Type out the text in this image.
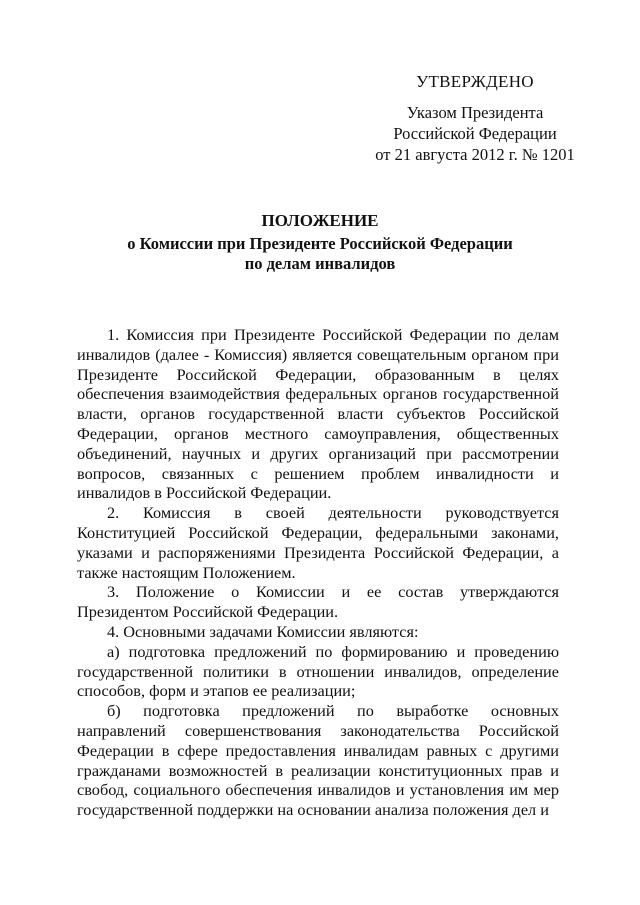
УТВЕРЖДЕНО
Указом Президента
Российской Федерации
от 21 августа 2012 г. № 1201
ПОЛОЖЕНИЕ
о Комиссии при Президенте Российской Федерации
по делам инвалидов

1. Комиссия при Президенте Российской Федерации по делам инвалидов (далее - Комиссия) является совещательным органом при Президенте Российской Федерации, образованным в целях обеспечения взаимодействия федеральных органов государственной власти, органов государственной власти субъектов Российской Федерации, органов местного самоуправления, общественных объединений, научных и других организаций при рассмотрении вопросов, связанных с решением проблем инвалидности и инвалидов в Российской Федерации.

2. Комиссия в своей деятельности руководствуется Конституцией Российской Федерации, федеральными законами, указами и распоряжениями Президента Российской Федерации, а также настоящим Положением.

3. Положение о Комиссии и ее состав утверждаются Президентом Российской Федерации.

4. Основными задачами Комиссии являются:

а) подготовка предложений по формированию и проведению государственной политики в отношении инвалидов, определение способов, форм и этапов ее реализации;

б) подготовка предложений по выработке основных направлений совершенствования законодательства Российской Федерации в сфере предоставления инвалидам равных с другими гражданами возможностей в реализации конституционных прав и свобод, социального обеспечения инвалидов и установления им мер государственной поддержки на основании анализа положения дел и
